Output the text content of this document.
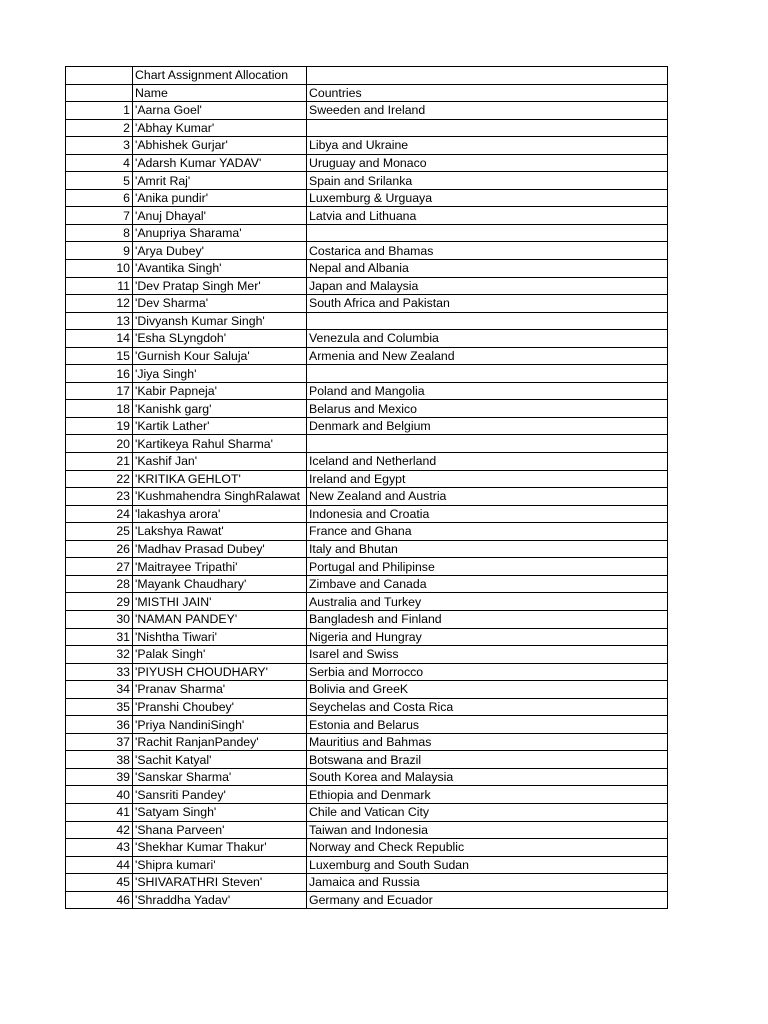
	Chart Assignment Allocation	
	Name	Countries
1	'Aarna Goel'	Sweeden and Ireland
2	'Abhay Kumar'	
3	'Abhishek Gurjar'	Libya and Ukraine
4	'Adarsh Kumar YADAV'	Uruguay and Monaco
5	'Amrit Raj'	Spain and Srilanka
6	'Anika pundir'	Luxemburg & Urguaya
7	'Anuj Dhayal'	Latvia and Lithuana
8	'Anupriya Sharama'	
9	'Arya Dubey'	Costarica and Bhamas
10	'Avantika Singh'	Nepal and Albania
11	'Dev Pratap Singh Mer'	Japan and Malaysia
12	'Dev Sharma'	South Africa and Pakistan
13	'Divyansh Kumar Singh'	
14	'Esha SLyngdoh'	Venezula and Columbia
15	'Gurnish Kour Saluja'	Armenia and New Zealand
16	'Jiya Singh'	
17	'Kabir Papneja'	Poland and Mangolia
18	'Kanishk garg'	Belarus and Mexico
19	'Kartik Lather'	Denmark and Belgium
20	'Kartikeya Rahul Sharma'	
21	'Kashif Jan'	Iceland and Netherland
22	'KRITIKA GEHLOT'	Ireland and Egypt
23	'Kushmahendra SinghRalawat	New Zealand and Austria
24	'lakashya arora'	Indonesia and Croatia
25	'Lakshya Rawat'	France and Ghana
26	'Madhav Prasad Dubey'	Italy and Bhutan
27	'Maitrayee Tripathi'	Portugal and Philipinse
28	'Mayank Chaudhary'	Zimbave and Canada
29	'MISTHI JAIN'	Australia and Turkey
30	'NAMAN PANDEY'	Bangladesh and Finland
31	'Nishtha Tiwari'	Nigeria and Hungray
32	'Palak Singh'	Isarel and Swiss
33	'PIYUSH CHOUDHARY'	Serbia and Morrocco
34	'Pranav Sharma'	Bolivia and GreeK
35	'Pranshi Choubey'	Seychelas and Costa Rica
36	'Priya NandiniSingh'	Estonia and Belarus
37	'Rachit RanjanPandey'	Mauritius and Bahmas
38	'Sachit Katyal'	Botswana and Brazil
39	'Sanskar Sharma'	South Korea and Malaysia
40	'Sansriti Pandey'	Ethiopia and Denmark
41	'Satyam Singh'	Chile and Vatican City
42	'Shana Parveen'	Taiwan and Indonesia
43	'Shekhar Kumar Thakur'	Norway and Check Republic
44	'Shipra kumari'	Luxemburg and South Sudan
45	'SHIVARATHRI Steven'	Jamaica and Russia
46	'Shraddha Yadav'	Germany and Ecuador
